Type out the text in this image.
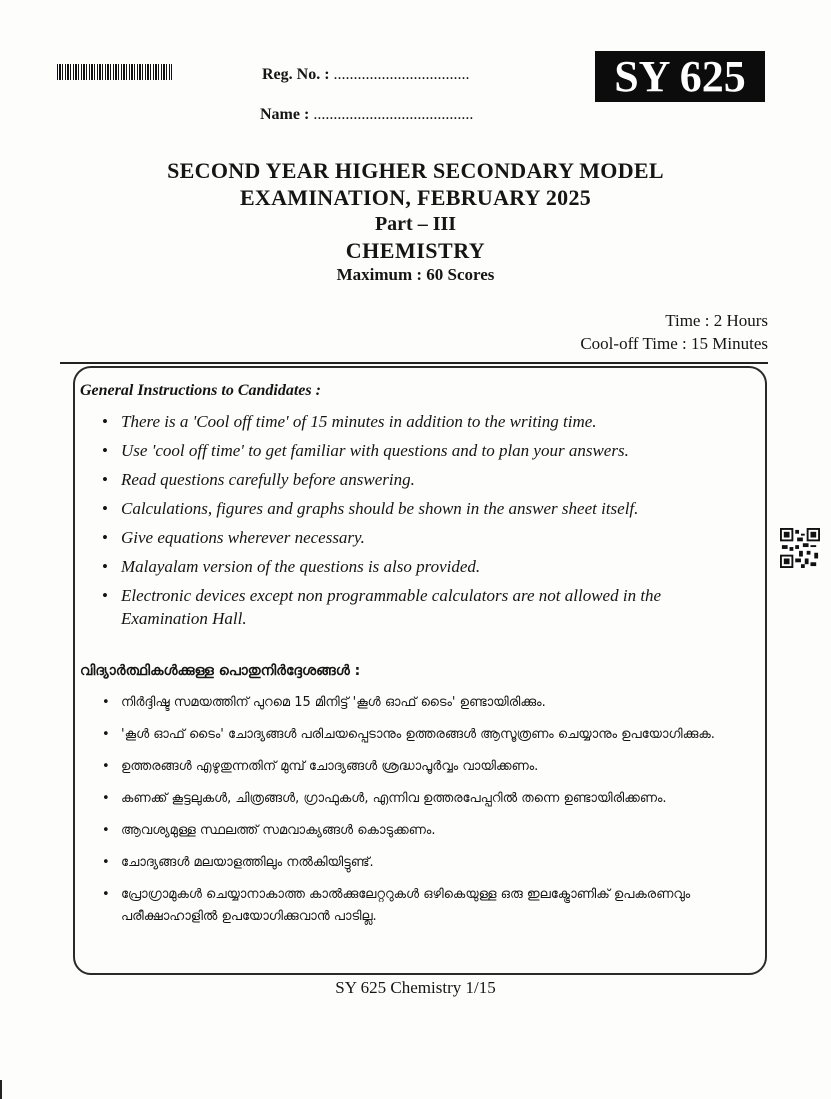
Reg. No. : ..................................
Name : ........................................
SY 625
SECOND YEAR HIGHER SECONDARY MODEL
EXAMINATION, FEBRUARY 2025
Part – III
CHEMISTRY
Maximum : 60 Scores
Time : 2 Hours
Cool-off Time : 15 Minutes
General Instructions to Candidates :
• There is a 'Cool off time' of 15 minutes in addition to the writing time.
• Use 'cool off time' to get familiar with questions and to plan your answers.
• Read questions carefully before answering.
• Calculations, figures and graphs should be shown in the answer sheet itself.
• Give equations wherever necessary.
• Malayalam version of the questions is also provided.
• Electronic devices except non programmable calculators are not allowed in the Examination Hall.
വിദ്യാർത്ഥികൾക്കുള്ള പൊതുനിർദ്ദേശങ്ങൾ :
• നിർദ്ദിഷ്ട സമയത്തിന് പുറമെ 15 മിനിട്ട് 'കൂൾ ഓഫ് ടൈം' ഉണ്ടായിരിക്കും.
• 'കൂൾ ഓഫ് ടൈം' ചോദ്യങ്ങൾ പരിചയപ്പെടാനും ഉത്തരങ്ങൾ ആസൂത്രണം ചെയ്യാനും ഉപയോഗിക്കുക.
• ഉത്തരങ്ങൾ എഴുതുന്നതിന് മുമ്പ് ചോദ്യങ്ങൾ ശ്രദ്ധാപൂർവ്വം വായിക്കണം.
• കണക്ക് കൂട്ടലുകൾ, ചിത്രങ്ങൾ, ഗ്രാഫുകൾ, എന്നിവ ഉത്തരപേപ്പറിൽ തന്നെ ഉണ്ടായിരിക്കണം.
• ആവശ്യമുള്ള സ്ഥലത്ത് സമവാക്യങ്ങൾ കൊടുക്കണം.
• ചോദ്യങ്ങൾ മലയാളത്തിലും നൽകിയിട്ടുണ്ട്.
• പ്രോഗ്രാമുകൾ ചെയ്യാനാകാത്ത കാൽക്കുലേറ്ററുകൾ ഒഴികെയുള്ള ഒരു ഇലക്ട്രോണിക് ഉപകരണവും പരീക്ഷാഹാളിൽ ഉപയോഗിക്കുവാൻ പാടില്ല.
SY 625 Chemistry 1/15
